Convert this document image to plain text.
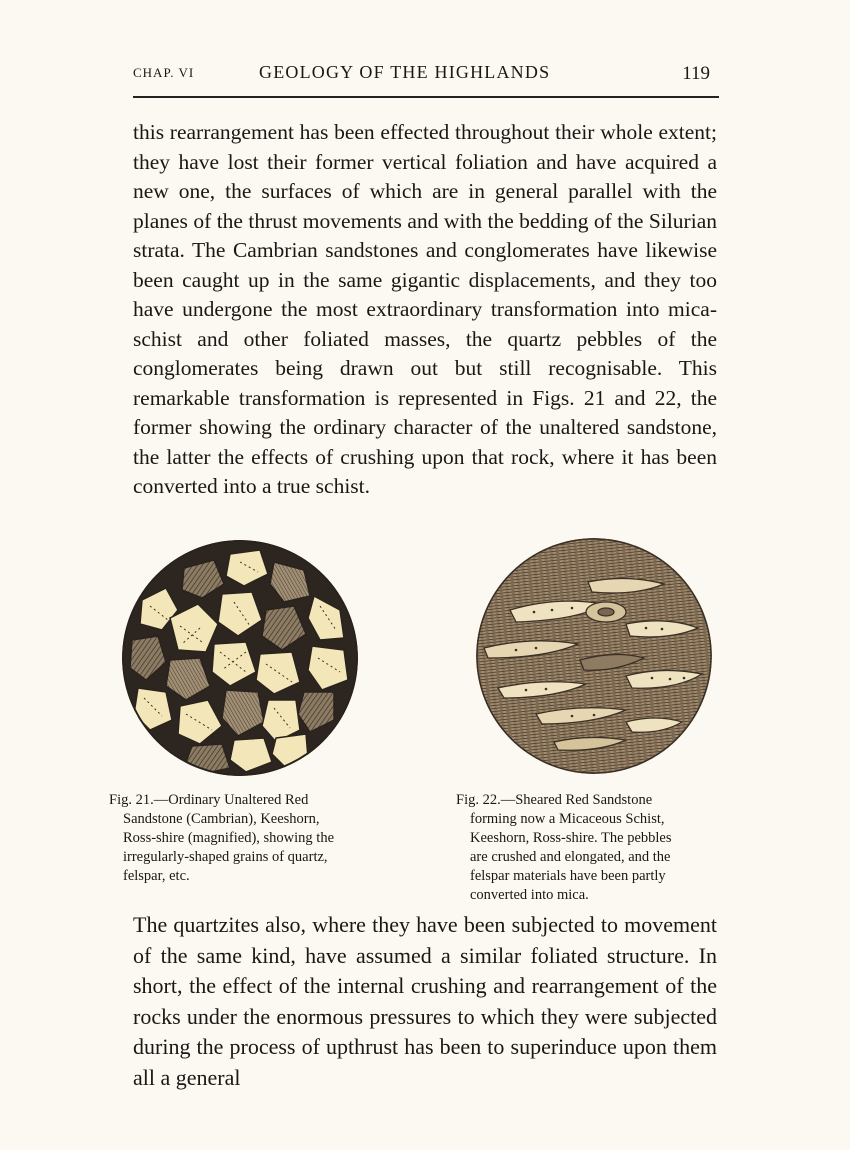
CHAP. VI	GEOLOGY OF THE HIGHLANDS	119

this rearrangement has been effected throughout their whole extent; they have lost their former vertical foliation and have acquired a new one, the surfaces of which are in general parallel with the planes of the thrust movements and with the bedding of the Silurian strata. The Cambrian sandstones and conglomerates have likewise been caught up in the same gigantic displacements, and they too have undergone the most extraordinary transformation into mica-schist and other foliated masses, the quartz pebbles of the conglomerates being drawn out but still recognisable. This remarkable transformation is represented in Figs. 21 and 22, the former showing the ordinary character of the unaltered sandstone, the latter the effects of crushing upon that rock, where it has been converted into a true schist.

Fig. 21.—Ordinary Unaltered Red
Sandstone (Cambrian), Keeshorn,
Ross-shire (magnified), showing the
irregularly-shaped grains of quartz,
felspar, etc.
Fig. 22.—Sheared Red Sandstone
forming now a Micaceous Schist,
Keeshorn, Ross-shire. The pebbles
are crushed and elongated, and the
felspar materials have been partly
converted into mica.

The quartzites also, where they have been subjected to movement of the same kind, have assumed a similar foliated structure. In short, the effect of the internal crushing and rearrangement of the rocks under the enormous pressures to which they were subjected during the process of upthrust has been to superinduce upon them all a general
